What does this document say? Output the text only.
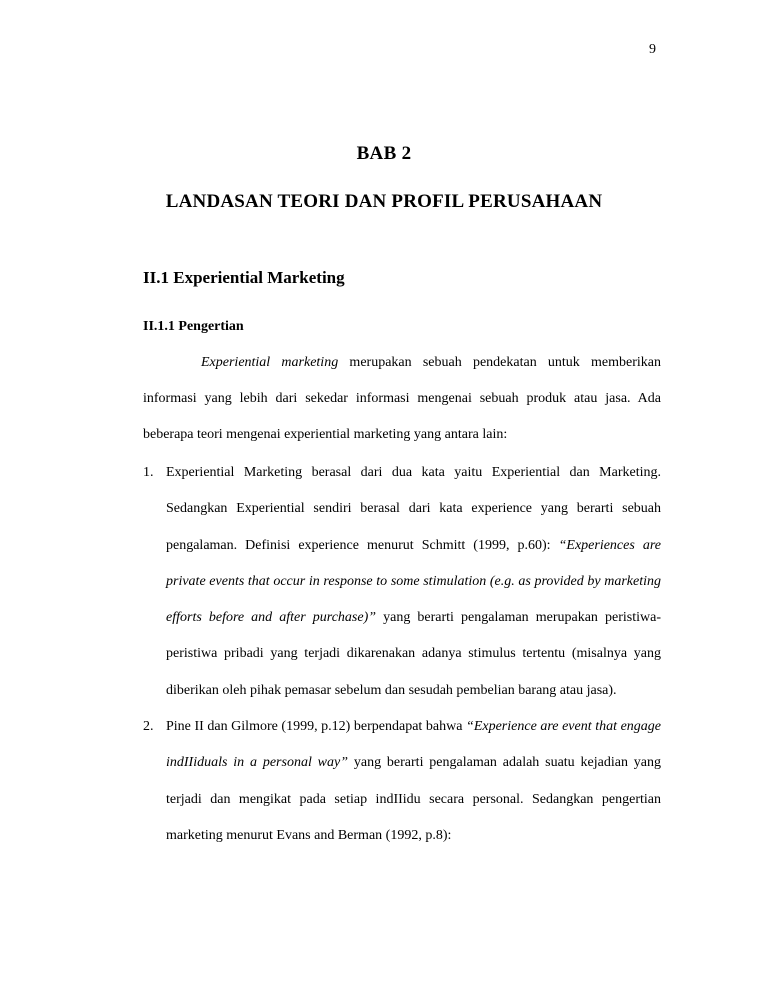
9
BAB 2
LANDASAN TEORI DAN PROFIL PERUSAHAAN
II.1 Experiential Marketing
II.1.1 Pengertian

Experiential marketing merupakan sebuah pendekatan untuk memberikan informasi yang lebih dari sekedar informasi mengenai sebuah produk atau jasa. Ada beberapa teori mengenai experiential marketing yang antara lain:

1. Experiential Marketing berasal dari dua kata yaitu Experiential dan Marketing. Sedangkan Experiential sendiri berasal dari kata experience yang berarti sebuah pengalaman. Definisi experience menurut Schmitt (1999, p.60): “Experiences are private events that occur in response to some stimulation (e.g. as provided by marketing efforts before and after purchase)” yang berarti pengalaman merupakan peristiwa-peristiwa pribadi yang terjadi dikarenakan adanya stimulus tertentu (misalnya yang diberikan oleh pihak pemasar sebelum dan sesudah pembelian barang atau jasa).
2. Pine II dan Gilmore (1999, p.12) berpendapat bahwa “Experience are event that engage indIIiduals in a personal way” yang berarti pengalaman adalah suatu kejadian yang terjadi dan mengikat pada setiap indIIidu secara personal. Sedangkan pengertian marketing menurut Evans and Berman (1992, p.8):
